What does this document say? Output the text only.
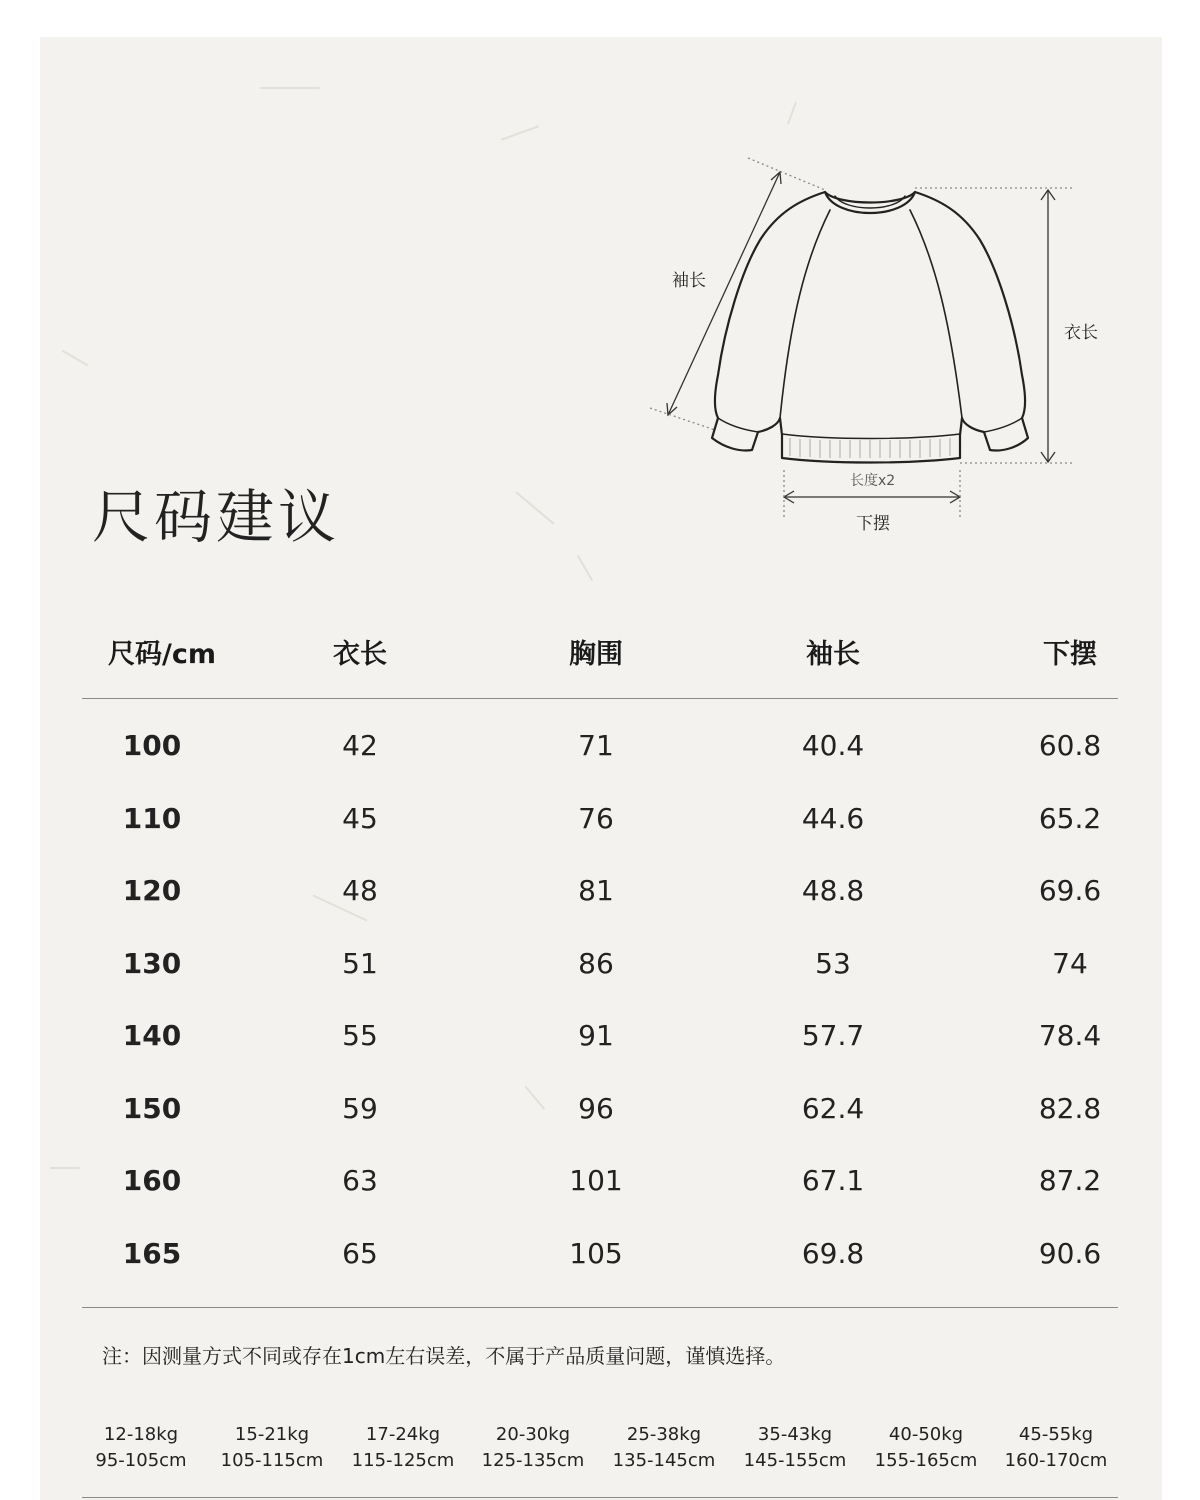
尺码建议
袖长
衣长
长度x2
下摆
尺码/cm	衣长	胸围	袖长	下摆
100	42	71	40.4	60.8
110	45	76	44.6	65.2
120	48	81	48.8	69.6
130	51	86	53	74
140	55	91	57.7	78.4
150	59	96	62.4	82.8
160	63	101	67.1	87.2
165	65	105	69.8	90.6
注：因测量方式不同或存在1cm左右误差，不属于产品质量问题，谨慎选择。
12-18kg
95-105cm
15-21kg
105-115cm
17-24kg
115-125cm
20-30kg
125-135cm
25-38kg
135-145cm
35-43kg
145-155cm
40-50kg
155-165cm
45-55kg
160-170cm
